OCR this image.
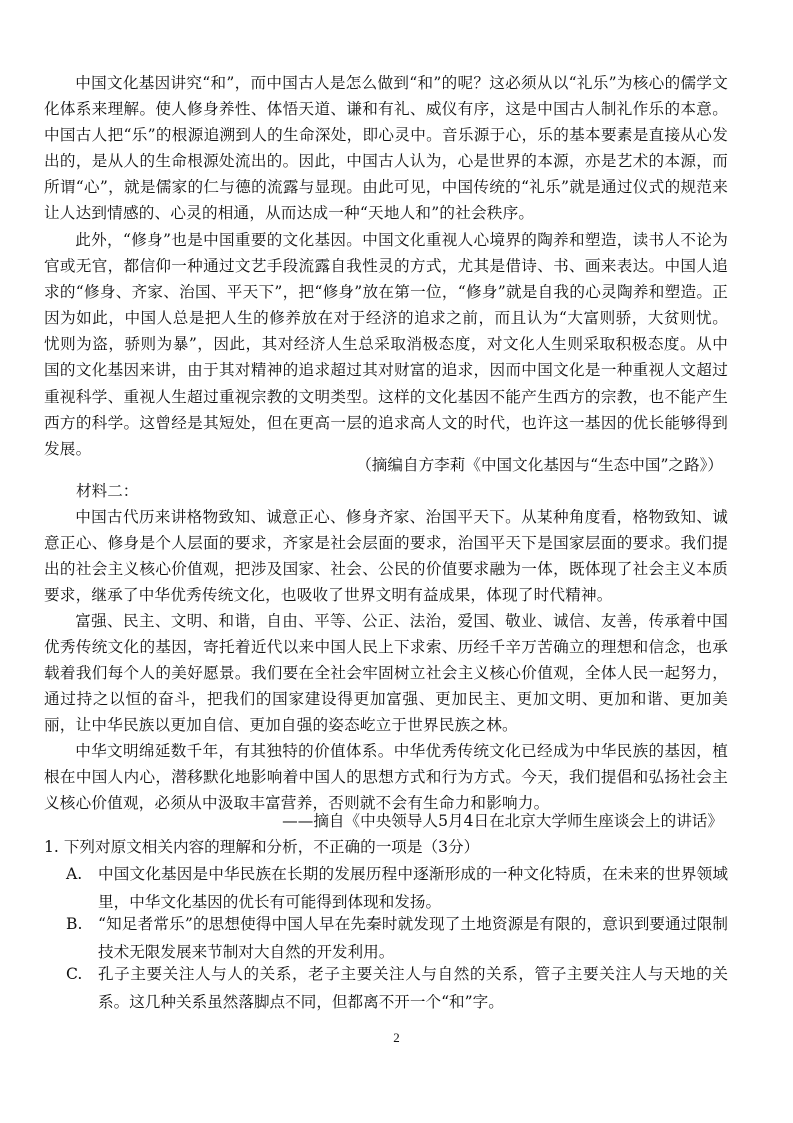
中国文化基因讲究“和”，而中国古人是怎么做到“和”的呢？这必须从以“礼乐”为核心的儒学文化体系来理解。使人修身养性、体悟天道、谦和有礼、威仪有序，这是中国古人制礼作乐的本意。中国古人把“乐”的根源追溯到人的生命深处，即心灵中。音乐源于心，乐的基本要素是直接从心发出的，是从人的生命根源处流出的。因此，中国古人认为，心是世界的本源，亦是艺术的本源，而所谓“心”，就是儒家的仁与德的流露与显现。由此可见，中国传统的“礼乐”就是通过仪式的规范来让人达到情感的、心灵的相通，从而达成一种“天地人和”的社会秩序。

此外，“修身”也是中国重要的文化基因。中国文化重视人心境界的陶养和塑造，读书人不论为官或无官，都信仰一种通过文艺手段流露自我性灵的方式，尤其是借诗、书、画来表达。中国人追求的“修身、齐家、治国、平天下”，把“修身”放在第一位，“修身”就是自我的心灵陶养和塑造。正因为如此，中国人总是把人生的修养放在对于经济的追求之前，而且认为“大富则骄，大贫则忧。忧则为盗，骄则为暴”，因此，其对经济人生总采取消极态度，对文化人生则采取积极态度。从中国的文化基因来讲，由于其对精神的追求超过其对财富的追求，因而中国文化是一种重视人文超过重视科学、重视人生超过重视宗教的文明类型。这样的文化基因不能产生西方的宗教，也不能产生西方的科学。这曾经是其短处，但在更高一层的追求高人文的时代，也许这一基因的优长能够得到发展。

（摘编自方李莉《中国文化基因与“生态中国”之路》）

材料二：

中国古代历来讲格物致知、诚意正心、修身齐家、治国平天下。从某种角度看，格物致知、诚意正心、修身是个人层面的要求，齐家是社会层面的要求，治国平天下是国家层面的要求。我们提出的社会主义核心价值观，把涉及国家、社会、公民的价值要求融为一体，既体现了社会主义本质要求，继承了中华优秀传统文化，也吸收了世界文明有益成果，体现了时代精神。

富强、民主、文明、和谐，自由、平等、公正、法治，爱国、敬业、诚信、友善，传承着中国优秀传统文化的基因，寄托着近代以来中国人民上下求索、历经千辛万苦确立的理想和信念，也承载着我们每个人的美好愿景。我们要在全社会牢固树立社会主义核心价值观，全体人民一起努力，通过持之以恒的奋斗，把我们的国家建设得更加富强、更加民主、更加文明、更加和谐、更加美丽，让中华民族以更加自信、更加自强的姿态屹立于世界民族之林。

中华文明绵延数千年，有其独特的价值体系。中华优秀传统文化已经成为中华民族的基因，植根在中国人内心，潜移默化地影响着中国人的思想方式和行为方式。今天，我们提倡和弘扬社会主义核心价值观，必须从中汲取丰富营养，否则就不会有生命力和影响力。

——摘自《中央领导人5月4日在北京大学师生座谈会上的讲话》

1. 下列对原文相关内容的理解和分析，不正确的一项是（3分）

A.	中国文化基因是中华民族在长期的发展历程中逐渐形成的一种文化特质，在未来的世界领域里，中华文化基因的优长有可能得到体现和发扬。
B. “知足者常乐”的思想使得中国人早在先秦时就发现了土地资源是有限的，意识到要通过限制技术无限发展来节制对大自然的开发利用。
C.	孔子主要关注人与人的关系，老子主要关注人与自然的关系，管子主要关注人与天地的关系。这几种关系虽然落脚点不同，但都离不开一个“和”字。
2
